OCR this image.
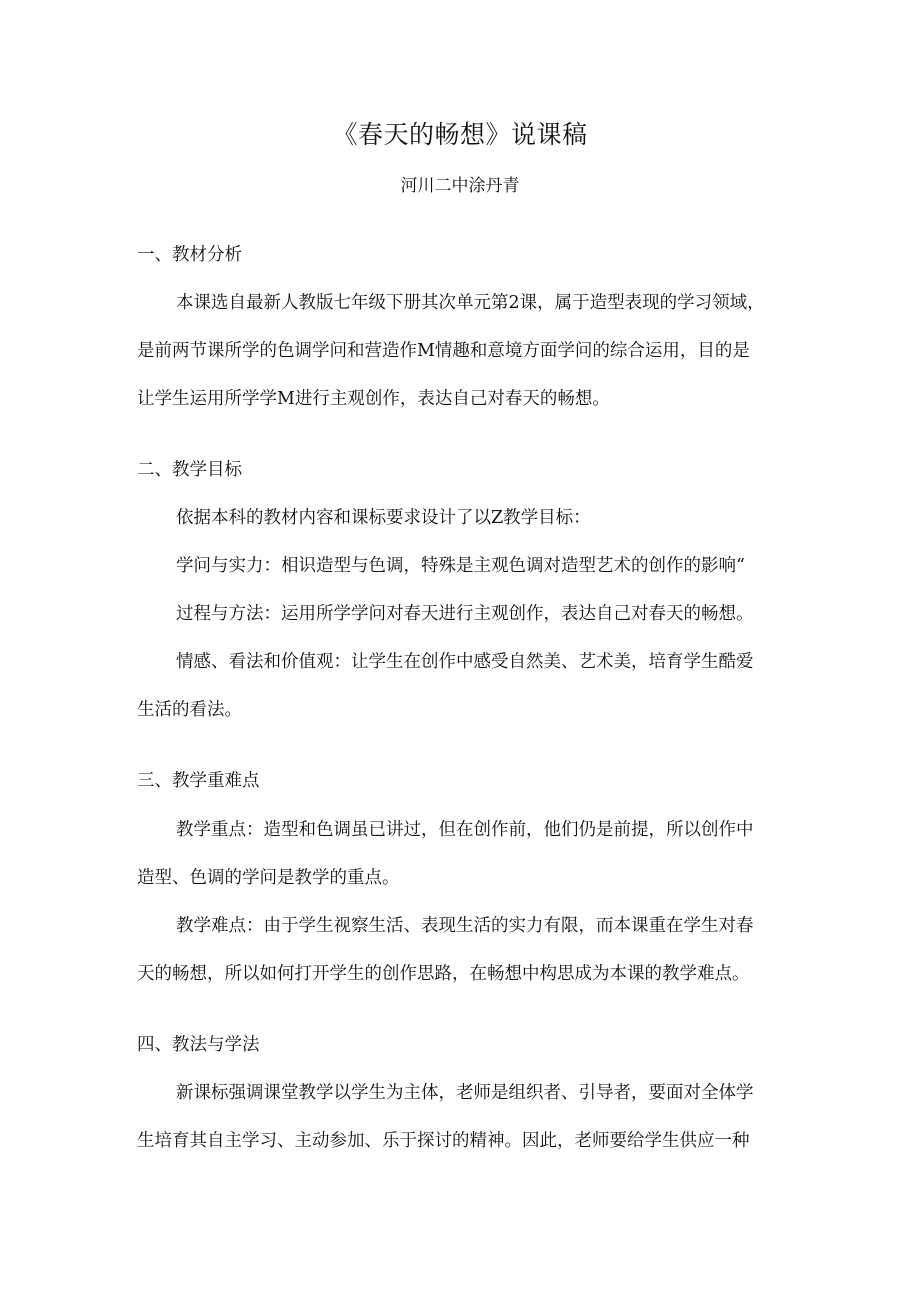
《春天的畅想》说课稿
河川二中涂丹青
一、教材分析
本课选自最新人教版七年级下册其次单元第2课，属于造型表现的学习领域，
是前两节课所学的色调学问和营造作M情趣和意境方面学问的综合运用，目的是
让学生运用所学学M进行主观创作，表达自己对春天的畅想。
二、教学目标
依据本科的教材内容和课标要求设计了以Z教学目标：
学问与实力：相识造型与色调，特殊是主观色调对造型艺术的创作的影响“
过程与方法：运用所学学问对春天进行主观创作，表达自己对春天的畅想。
情感、看法和价值观：让学生在创作中感受自然美、艺术美，培育学生酷爱
生活的看法。
三、教学重难点
教学重点：造型和色调虽已讲过，但在创作前，他们仍是前提，所以创作中
造型、色调的学问是教学的重点。
教学难点：由于学生视察生活、表现生活的实力有限，而本课重在学生对春
天的畅想，所以如何打开学生的创作思路，在畅想中构思成为本课的教学难点。
四、教法与学法
新课标强调课堂教学以学生为主体，老师是组织者、引导者，要面对全体学
生培育其自主学习、主动参加、乐于探讨的精神。因此，老师要给学生供应一种
